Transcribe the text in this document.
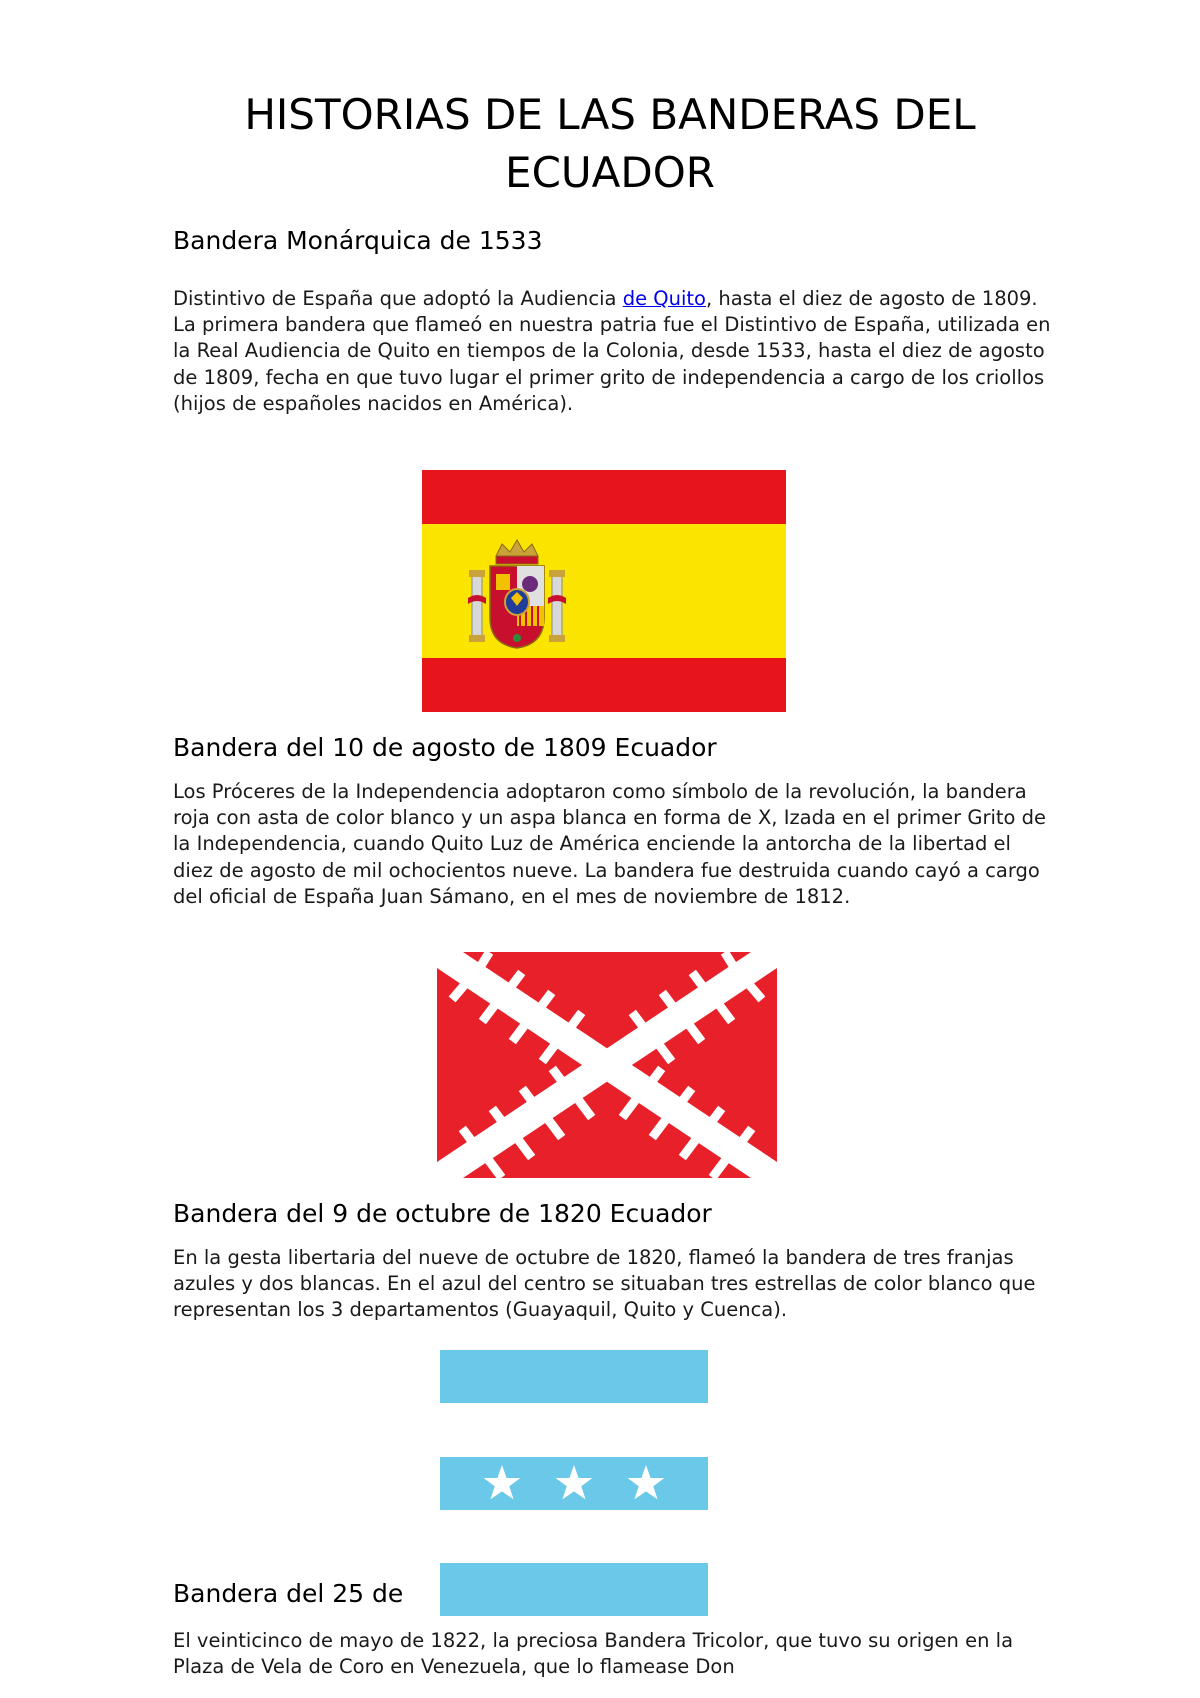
HISTORIAS DE LAS BANDERAS DEL ECUADOR
Bandera Monárquica de 1533

Distintivo de España que adoptó la Audiencia de Quito, hasta el diez de agosto de 1809. La primera bandera que flameó en nuestra patria fue el Distintivo de España, utilizada en la Real Audiencia de Quito en tiempos de la Colonia, desde 1533, hasta el diez de agosto de 1809, fecha en que tuvo lugar el primer grito de independencia a cargo de los criollos (hijos de españoles nacidos en América).

Bandera del 10 de agosto de 1809 Ecuador

Los Próceres de la Independencia adoptaron como símbolo de la revolución, la bandera roja con asta de color blanco y un aspa blanca en forma de X, Izada en el primer Grito de la Independencia, cuando Quito Luz de América enciende la antorcha de la libertad el diez de agosto de mil ochocientos nueve. La bandera fue destruida cuando cayó a cargo del oficial de España Juan Sámano, en el mes de noviembre de 1812.

Bandera del 9 de octubre de 1820 Ecuador

En la gesta libertaria del nueve de octubre de 1820, flameó la bandera de tres franjas azules y dos blancas. En el azul del centro se situaban tres estrellas de color blanco que representan los 3 departamentos (Guayaquil, Quito y Cuenca).

Bandera del 25 de

El veinticinco de mayo de 1822, la preciosa Bandera Tricolor, que tuvo su origen en la Plaza de Vela de Coro en Venezuela, que lo flamease Don
